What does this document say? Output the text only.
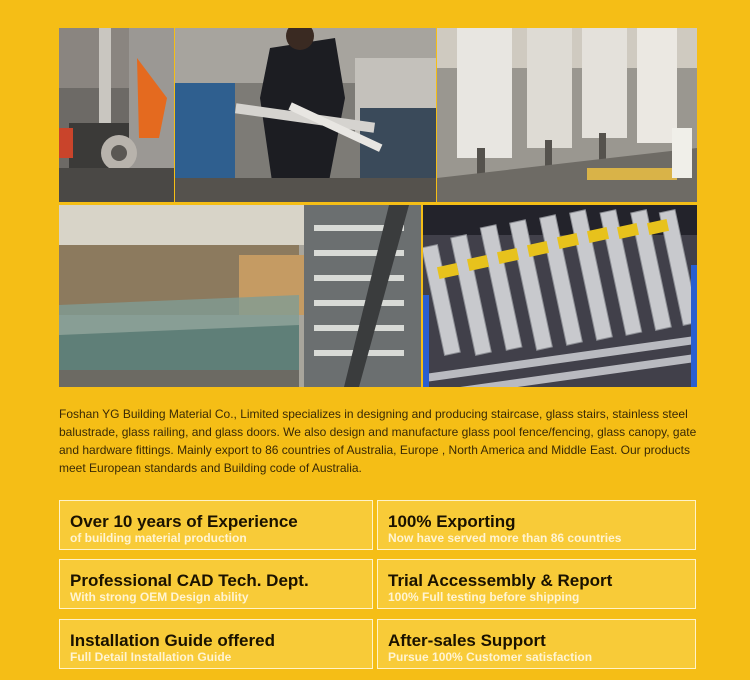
Foshan YG Building Material Co., Limited specializes in designing and producing staircase, glass stairs, stainless steel balustrade, glass railing, and glass doors. We also design and manufacture glass pool fence/fencing, glass canopy, gate and hardware fittings. Mainly export to 86 countries of Australia, Europe , North America and Middle East. Our products meet European standards and Building code of Australia.

Over 10 years of Experience
of building material production
100% Exporting
Now have served more than 86 countries
Professional CAD Tech. Dept.
With strong OEM Design ability
Trial Accessembly & Report
100% Full testing before shipping
Installation Guide offered
Full Detail Installation Guide
After-sales Support
Pursue 100% Customer satisfaction
